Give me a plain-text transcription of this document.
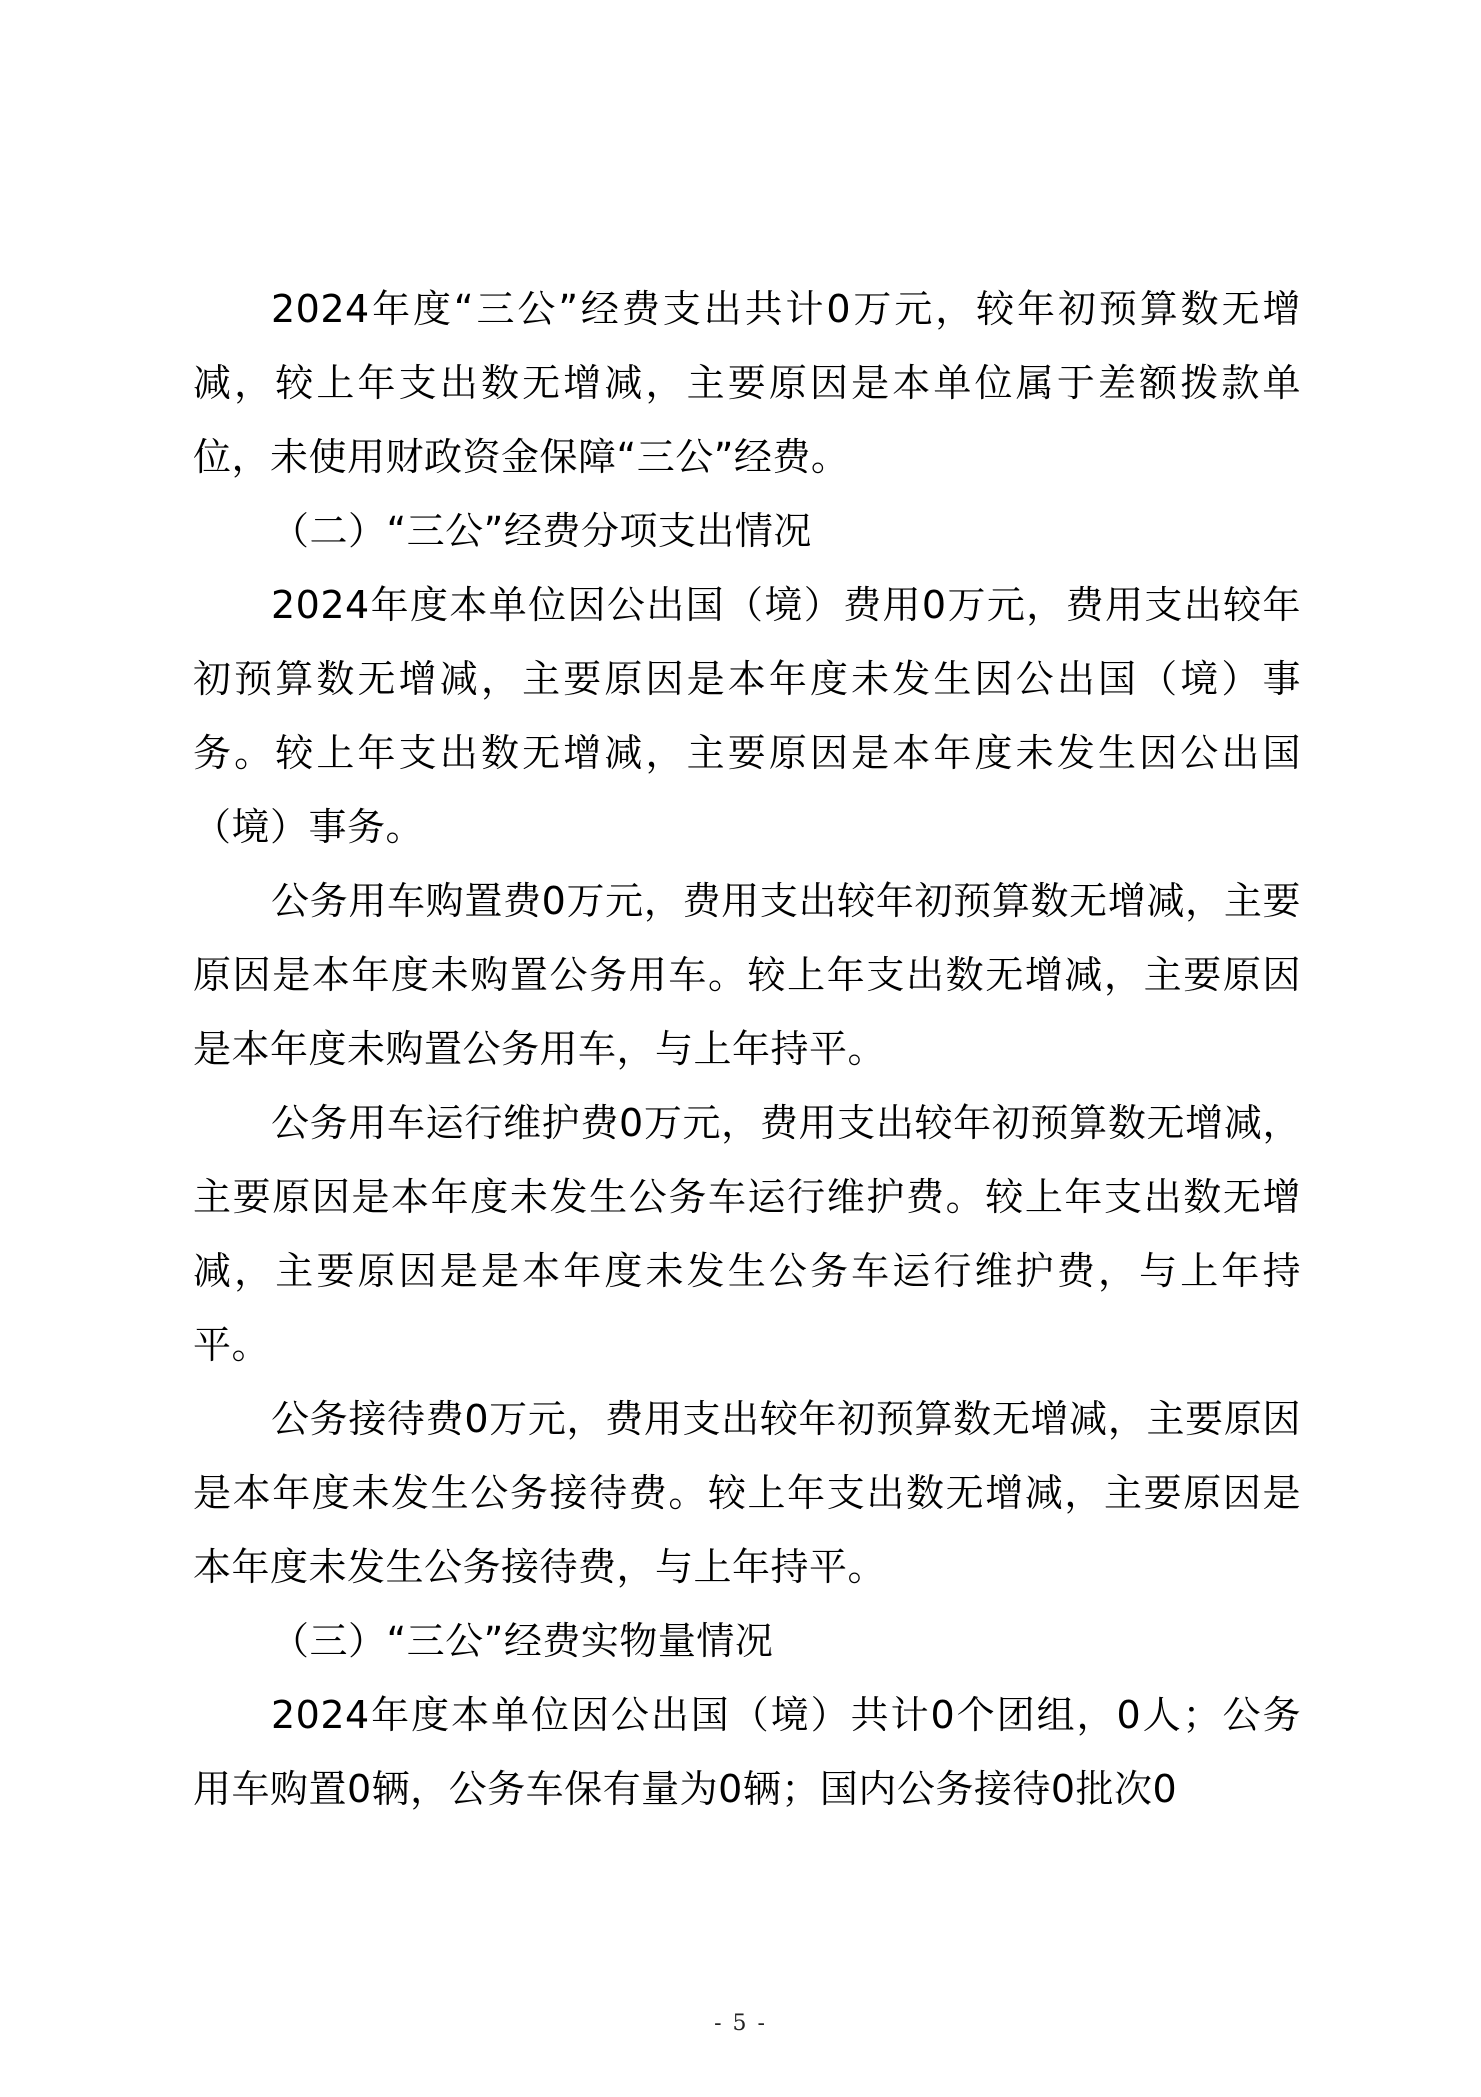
2024年度“三公”经费支出共计0万元，较年初预算数无增减，较上年支出数无增减，主要原因是本单位属于差额拨款单位，未使用财政资金保障“三公”经费。

（二）“三公”经费分项支出情况

2024年度本单位因公出国（境）费用0万元，费用支出较年初预算数无增减，主要原因是本年度未发生因公出国（境）事务。较上年支出数无增减，主要原因是本年度未发生因公出国（境）事务。

公务用车购置费0万元，费用支出较年初预算数无增减，主要原因是本年度未购置公务用车。较上年支出数无增减，主要原因是本年度未购置公务用车，与上年持平。

公务用车运行维护费0万元，费用支出较年初预算数无增减，主要原因是本年度未发生公务车运行维护费。较上年支出数无增减，主要原因是是本年度未发生公务车运行维护费，与上年持平。

公务接待费0万元，费用支出较年初预算数无增减，主要原因是本年度未发生公务接待费。较上年支出数无增减，主要原因是本年度未发生公务接待费，与上年持平。

（三）“三公”经费实物量情况

2024年度本单位因公出国（境）共计0个团组，0人；公务用车购置0辆，公务车保有量为0辆；国内公务接待0批次0

- 5 -
